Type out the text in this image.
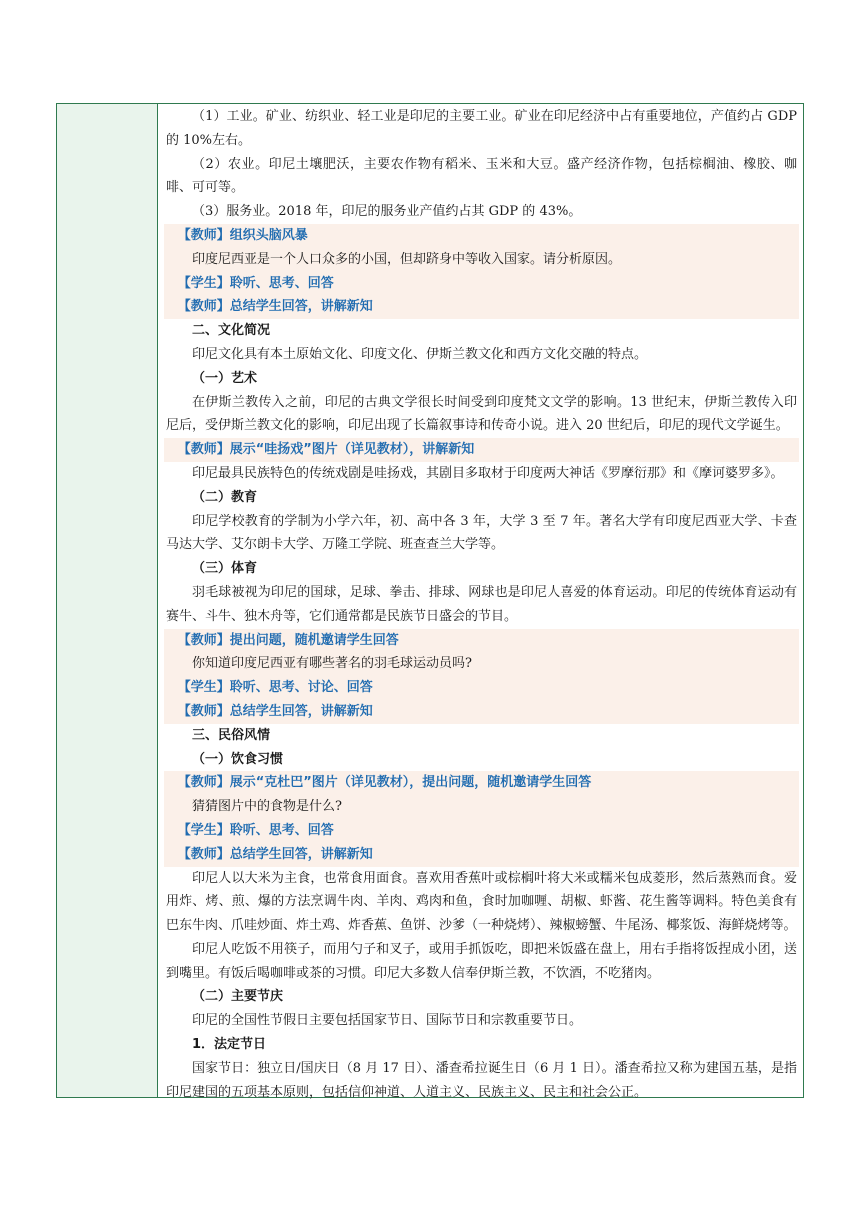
（1）工业。矿业、纺织业、轻工业是印尼的主要工业。矿业在印尼经济中占有重要地位，产值约占 GDP 的 10%左右。

（2）农业。印尼土壤肥沃，主要农作物有稻米、玉米和大豆。盛产经济作物，包括棕榈油、橡胶、咖啡、可可等。

（3）服务业。2018 年，印尼的服务业产值约占其 GDP 的 43%。

【教师】组织头脑风暴

印度尼西亚是一个人口众多的小国，但却跻身中等收入国家。请分析原因。

【学生】聆听、思考、回答

【教师】总结学生回答，讲解新知

二、文化简况

印尼文化具有本土原始文化、印度文化、伊斯兰教文化和西方文化交融的特点。

（一）艺术

在伊斯兰教传入之前，印尼的古典文学很长时间受到印度梵文文学的影响。13 世纪末，伊斯兰教传入印尼后，受伊斯兰教文化的影响，印尼出现了长篇叙事诗和传奇小说。进入 20 世纪后，印尼的现代文学诞生。

【教师】展示“哇扬戏”图片（详见教材），讲解新知

印尼最具民族特色的传统戏剧是哇扬戏，其剧目多取材于印度两大神话《罗摩衍那》和《摩诃婆罗多》。

（二）教育

印尼学校教育的学制为小学六年，初、高中各 3 年，大学 3 至 7 年。著名大学有印度尼西亚大学、卡查马达大学、艾尔朗卡大学、万隆工学院、班查查兰大学等。

（三）体育

羽毛球被视为印尼的国球，足球、拳击、排球、网球也是印尼人喜爱的体育运动。印尼的传统体育运动有赛牛、斗牛、独木舟等，它们通常都是民族节日盛会的节目。

【教师】提出问题，随机邀请学生回答

你知道印度尼西亚有哪些著名的羽毛球运动员吗?

【学生】聆听、思考、讨论、回答

【教师】总结学生回答，讲解新知

三、民俗风情

（一）饮食习惯

【教师】展示“克杜巴”图片（详见教材），提出问题，随机邀请学生回答

猜猜图片中的食物是什么?

【学生】聆听、思考、回答

【教师】总结学生回答，讲解新知

印尼人以大米为主食，也常食用面食。喜欢用香蕉叶或棕榈叶将大米或糯米包成菱形，然后蒸熟而食。爱用炸、烤、煎、爆的方法烹调牛肉、羊肉、鸡肉和鱼，食时加咖喱、胡椒、虾酱、花生酱等调料。特色美食有巴东牛肉、爪哇炒面、炸土鸡、炸香蕉、鱼饼、沙爹（一种烧烤）、辣椒螃蟹、牛尾汤、椰浆饭、海鲜烧烤等。

印尼人吃饭不用筷子，而用勺子和叉子，或用手抓饭吃，即把米饭盛在盘上，用右手指将饭捏成小团，送到嘴里。有饭后喝咖啡或茶的习惯。印尼大多数人信奉伊斯兰教，不饮酒，不吃猪肉。

（二）主要节庆

印尼的全国性节假日主要包括国家节日、国际节日和宗教重要节日。

1．法定节日

国家节日：独立日/国庆日（8 月 17 日）、潘查希拉诞生日（6 月 1 日）。潘查希拉又称为建国五基，是指印尼建国的五项基本原则，包括信仰神道、人道主义、民族主义、民主和社会公正。
